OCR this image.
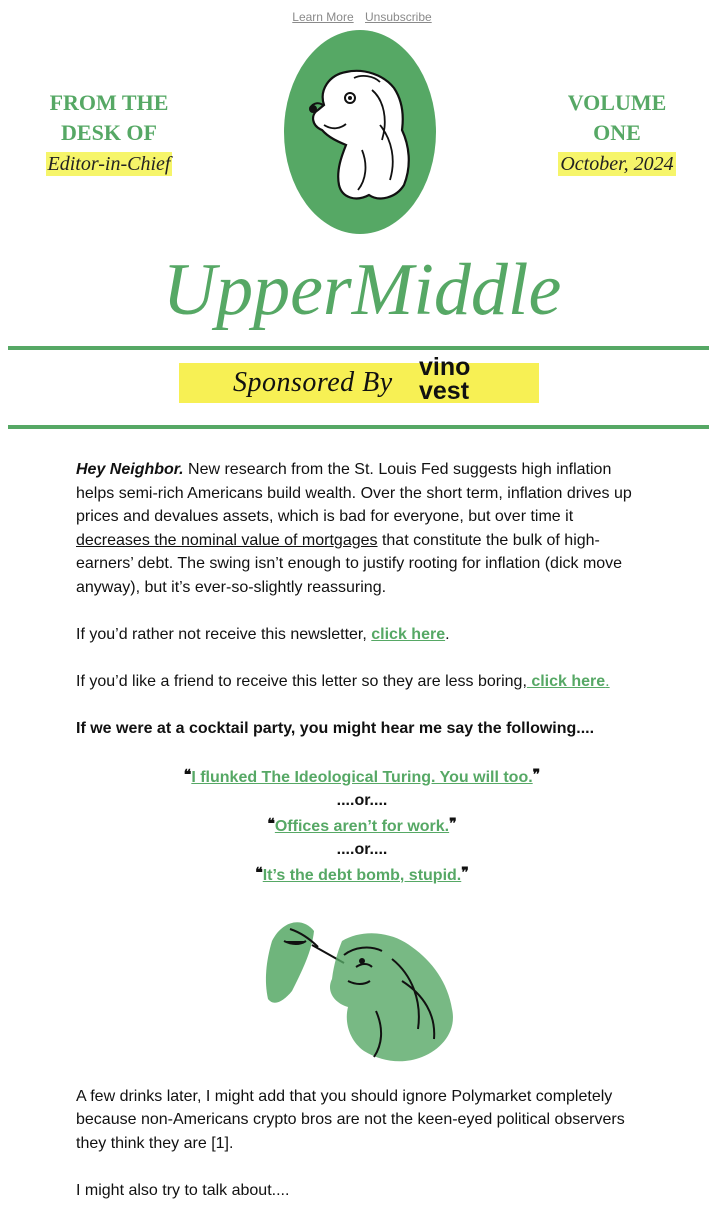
Learn More Unsubscribe
FROM THE
DESK OF
Editor-in-Chief
VOLUME
ONE
October, 2024
UpperMiddle
Sponsored By vino
vest

Hey Neighbor. New research from the St. Louis Fed suggests high inflation helps semi-rich Americans build wealth. Over the short term, inflation drives up prices and devalues assets, which is bad for everyone, but over time it decreases the nominal value of mortgages that constitute the bulk of high-earners’ debt. The swing isn’t enough to justify rooting for inflation (dick move anyway), but it’s ever-so-slightly reassuring.

If you’d rather not receive this newsletter, click here.

If you’d like a friend to receive this letter so they are less boring, click here.

If we were at a cocktail party, you might hear me say the following....

❝I flunked The Ideological Turing. You will too.❞
....or....
❝Offices aren’t for work.❞
....or....
❝It’s the debt bomb, stupid.❞

A few drinks later, I might add that you should ignore Polymarket completely because non-Americans crypto bros are not the keen-eyed political observers they think they are [1].

I might also try to talk about....
